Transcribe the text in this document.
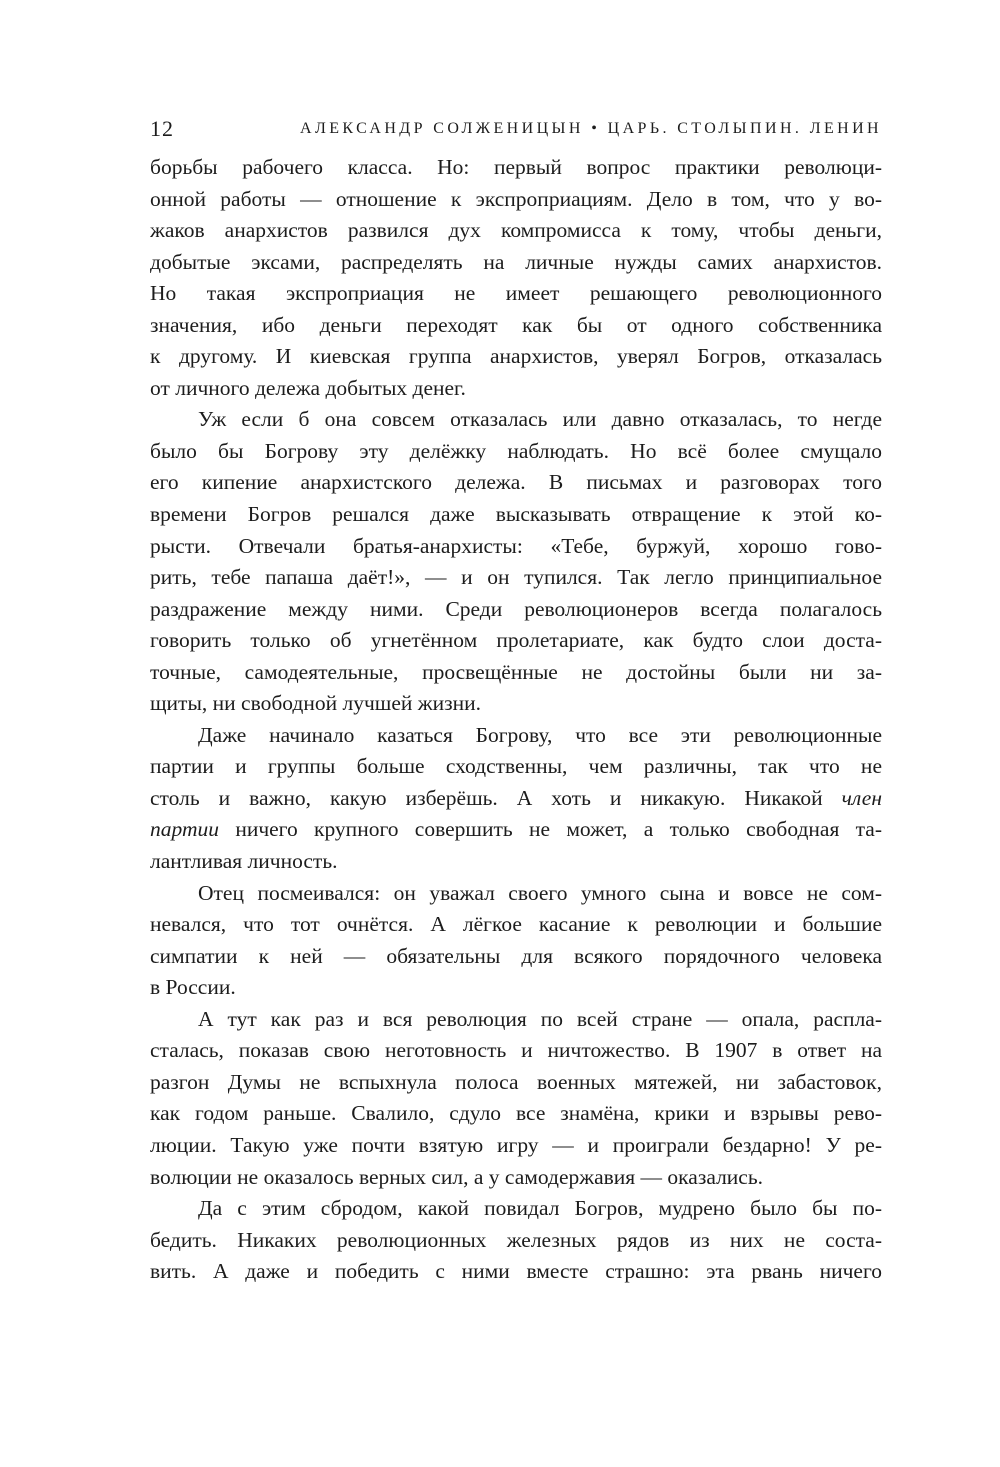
12	АЛЕКСАНДР СОЛЖЕНИЦЫН • ЦАРЬ. СТОЛЫПИН. ЛЕНИН
борьбы рабочего класса. Но: первый вопрос практики революци-
онной работы — отношение к экспроприациям. Дело в том, что у во-
жаков анархистов развился дух компромисса к тому, чтобы деньги,
добытые эксами, распределять на личные нужды самих анархистов.
Но такая экспроприация не имеет решающего революционного
значения, ибо деньги переходят как бы от одного собственника
к другому. И киевская группа анархистов, уверял Богров, отказалась
от личного дележа добытых денег.
Уж если б она совсем отказалась или давно отказалась, то негде
было бы Богрову эту делёжку наблюдать. Но всё более смущало
его кипение анархистского дележа. В письмах и разговорах того
времени Богров решался даже высказывать отвращение к этой ко-
рысти. Отвечали братья-анархисты: «Тебе, буржуй, хорошо гово-
рить, тебе папаша даёт!», — и он тупился. Так легло принципиальное
раздражение между ними. Среди революционеров всегда полагалось
говорить только об угнетённом пролетариате, как будто слои доста-
точные, самодеятельные, просвещённые не достойны были ни за-
щиты, ни свободной лучшей жизни.
Даже начинало казаться Богрову, что все эти революционные
партии и группы больше сходственны, чем различны, так что не
столь и важно, какую изберёшь. А хоть и никакую. Никакой член
партии ничего крупного совершить не может, а только свободная та-
лантливая личность.
Отец посмеивался: он уважал своего умного сына и вовсе не сом-
невался, что тот очнётся. А лёгкое касание к революции и большие
симпатии к ней — обязательны для всякого порядочного человека
в России.
А тут как раз и вся революция по всей стране — опала, распла-
сталась, показав свою неготовность и ничтожество. В 1907 в ответ на
разгон Думы не вспыхнула полоса военных мятежей, ни забастовок,
как годом раньше. Свалило, сдуло все знамёна, крики и взрывы рево-
люции. Такую уже почти взятую игру — и проиграли бездарно! У ре-
волюции не оказалось верных сил, а у самодержавия — оказались.
Да с этим сбродом, какой повидал Богров, мудрено было бы по-
бедить. Никаких революционных железных рядов из них не соста-
вить. А даже и победить с ними вместе страшно: эта рвань ничего
